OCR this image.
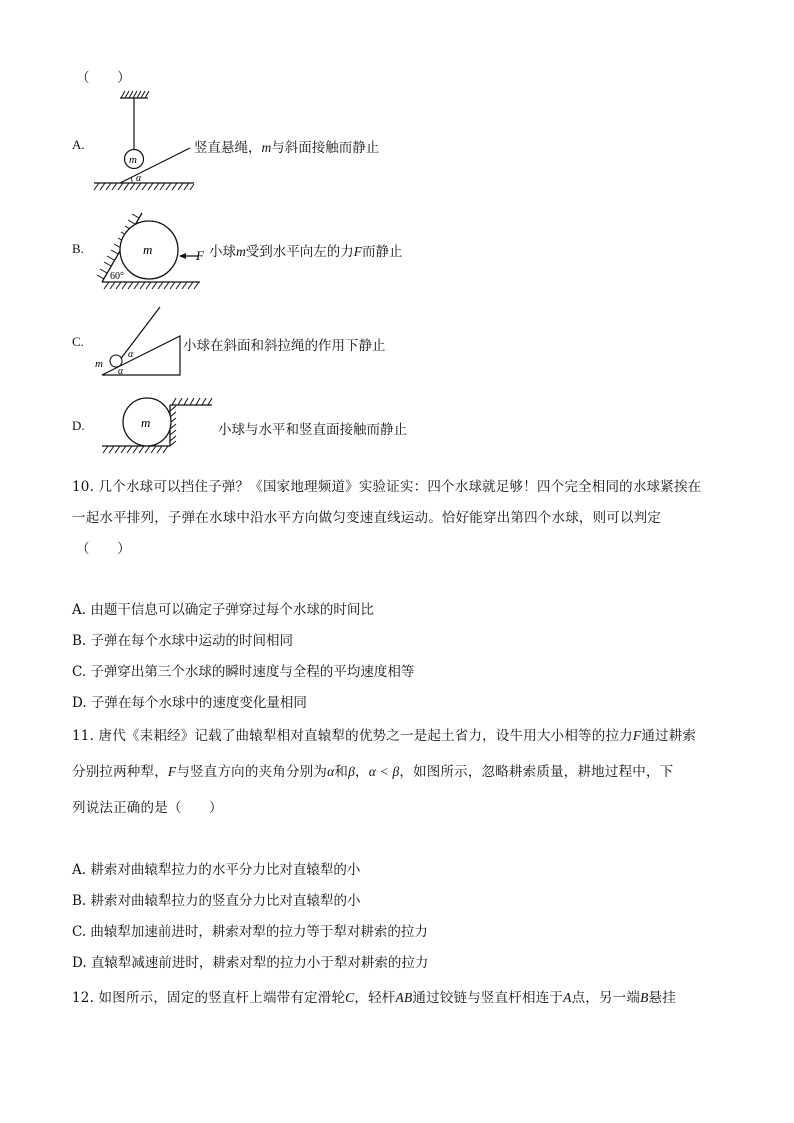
（　　）
A.
m
α
竖直悬绳，m与斜面接触而静止
B.	m	F
60°
小球m受到水平向左的力F而静止
C.
m
α
α
小球在斜面和斜拉绳的作用下静止
D.	m	小球与水平和竖直面接触而静止
10. 几个水球可以挡住子弹？《国家地理频道》实验证实：四个水球就足够！四个完全相同的水球紧挨在
一起水平排列，子弹在水球中沿水平方向做匀变速直线运动。恰好能穿出第四个水球，则可以判定
（　　）
A. 由题干信息可以确定子弹穿过每个水球的时间比
B. 子弹在每个水球中运动的时间相同
C. 子弹穿出第三个水球的瞬时速度与全程的平均速度相等
D. 子弹在每个水球中的速度变化量相同
11. 唐代《耒耜经》记载了曲辕犁相对直辕犁的优势之一是起土省力，设牛用大小相等的拉力F通过耕索
分别拉两种犁，F与竖直方向的夹角分别为α和β，α < β，如图所示，忽略耕索质量，耕地过程中，下
列说法正确的是（　　）
A. 耕索对曲辕犁拉力的水平分力比对直辕犁的小
B. 耕索对曲辕犁拉力的竖直分力比对直辕犁的小
C. 曲辕犁加速前进时，耕索对犁的拉力等于犁对耕索的拉力
D. 直辕犁减速前进时，耕索对犁的拉力小于犁对耕索的拉力
12. 如图所示，固定的竖直杆上端带有定滑轮C，轻杆AB通过铰链与竖直杆相连于A点，另一端B悬挂
